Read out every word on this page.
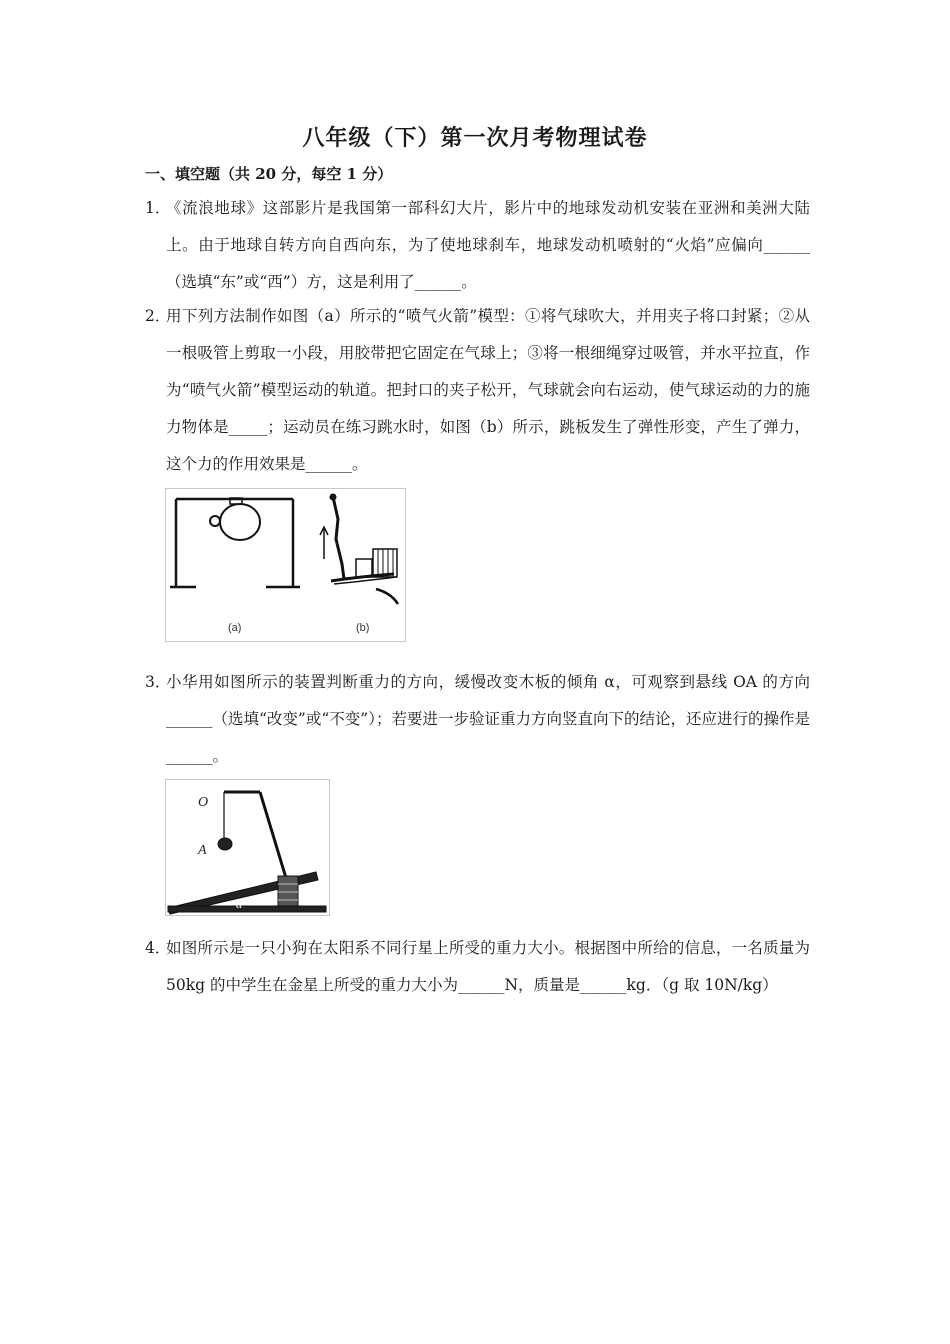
八年级（下）第一次月考物理试卷
一、填空题（共 20 分，每空 1 分）
1．
《流浪地球》这部影片是我国第一部科幻大片，影片中的地球发动机安装在亚洲和美洲大陆上。由于地球自转方向自西向东，为了使地球刹车，地球发动机喷射的“火焰”应偏向______（选填“东”或“西”）方，这是利用了______。
2．
用下列方法制作如图（a）所示的“喷气火箭”模型：①将气球吹大，并用夹子将口封紧；②从一根吸管上剪取一小段，用胶带把它固定在气球上；③将一根细绳穿过吸管，并水平拉直，作为“喷气火箭”模型运动的轨道。把封口的夹子松开，气球就会向右运动，使气球运动的力的施力物体是_____；运动员在练习跳水时，如图（b）所示，跳板发生了弹性形变，产生了弹力，这个力的作用效果是______。
(a)	(b)
3．
小华用如图所示的装置判断重力的方向，缓慢改变木板的倾角 α，可观察到悬线 OA 的方向______（选填“改变”或“不变”）；若要进一步验证重力方向竖直向下的结论，还应进行的操作是______。
O
A
α
4．
如图所示是一只小狗在太阳系不同行星上所受的重力大小。根据图中所给的信息，一名质量为 50kg 的中学生在金星上所受的重力大小为______N，质量是______kg．（g 取 10N/kg）
